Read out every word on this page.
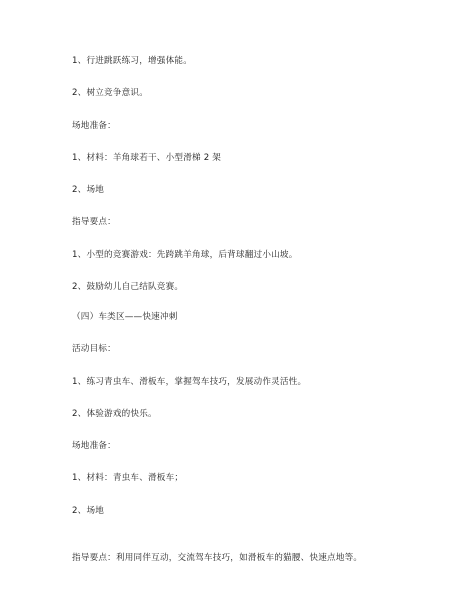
1、行进跳跃练习，增强体能。
2、树立竞争意识。
场地准备：
1、材料：羊角球若干、小型滑梯 2 架
2、场地
指导要点：
1、小型的竞赛游戏：先跨跳羊角球，后背球翻过小山坡。
2、鼓励幼儿自己结队竞赛。
（四）车类区——快速冲刺
活动目标：
1、练习青虫车、滑板车，掌握驾车技巧，发展动作灵活性。
2、体验游戏的快乐。
场地准备：
1、材料：青虫车、滑板车；
2、场地
指导要点：利用同伴互动，交流驾车技巧，如滑板车的猫腰、快速点地等。
